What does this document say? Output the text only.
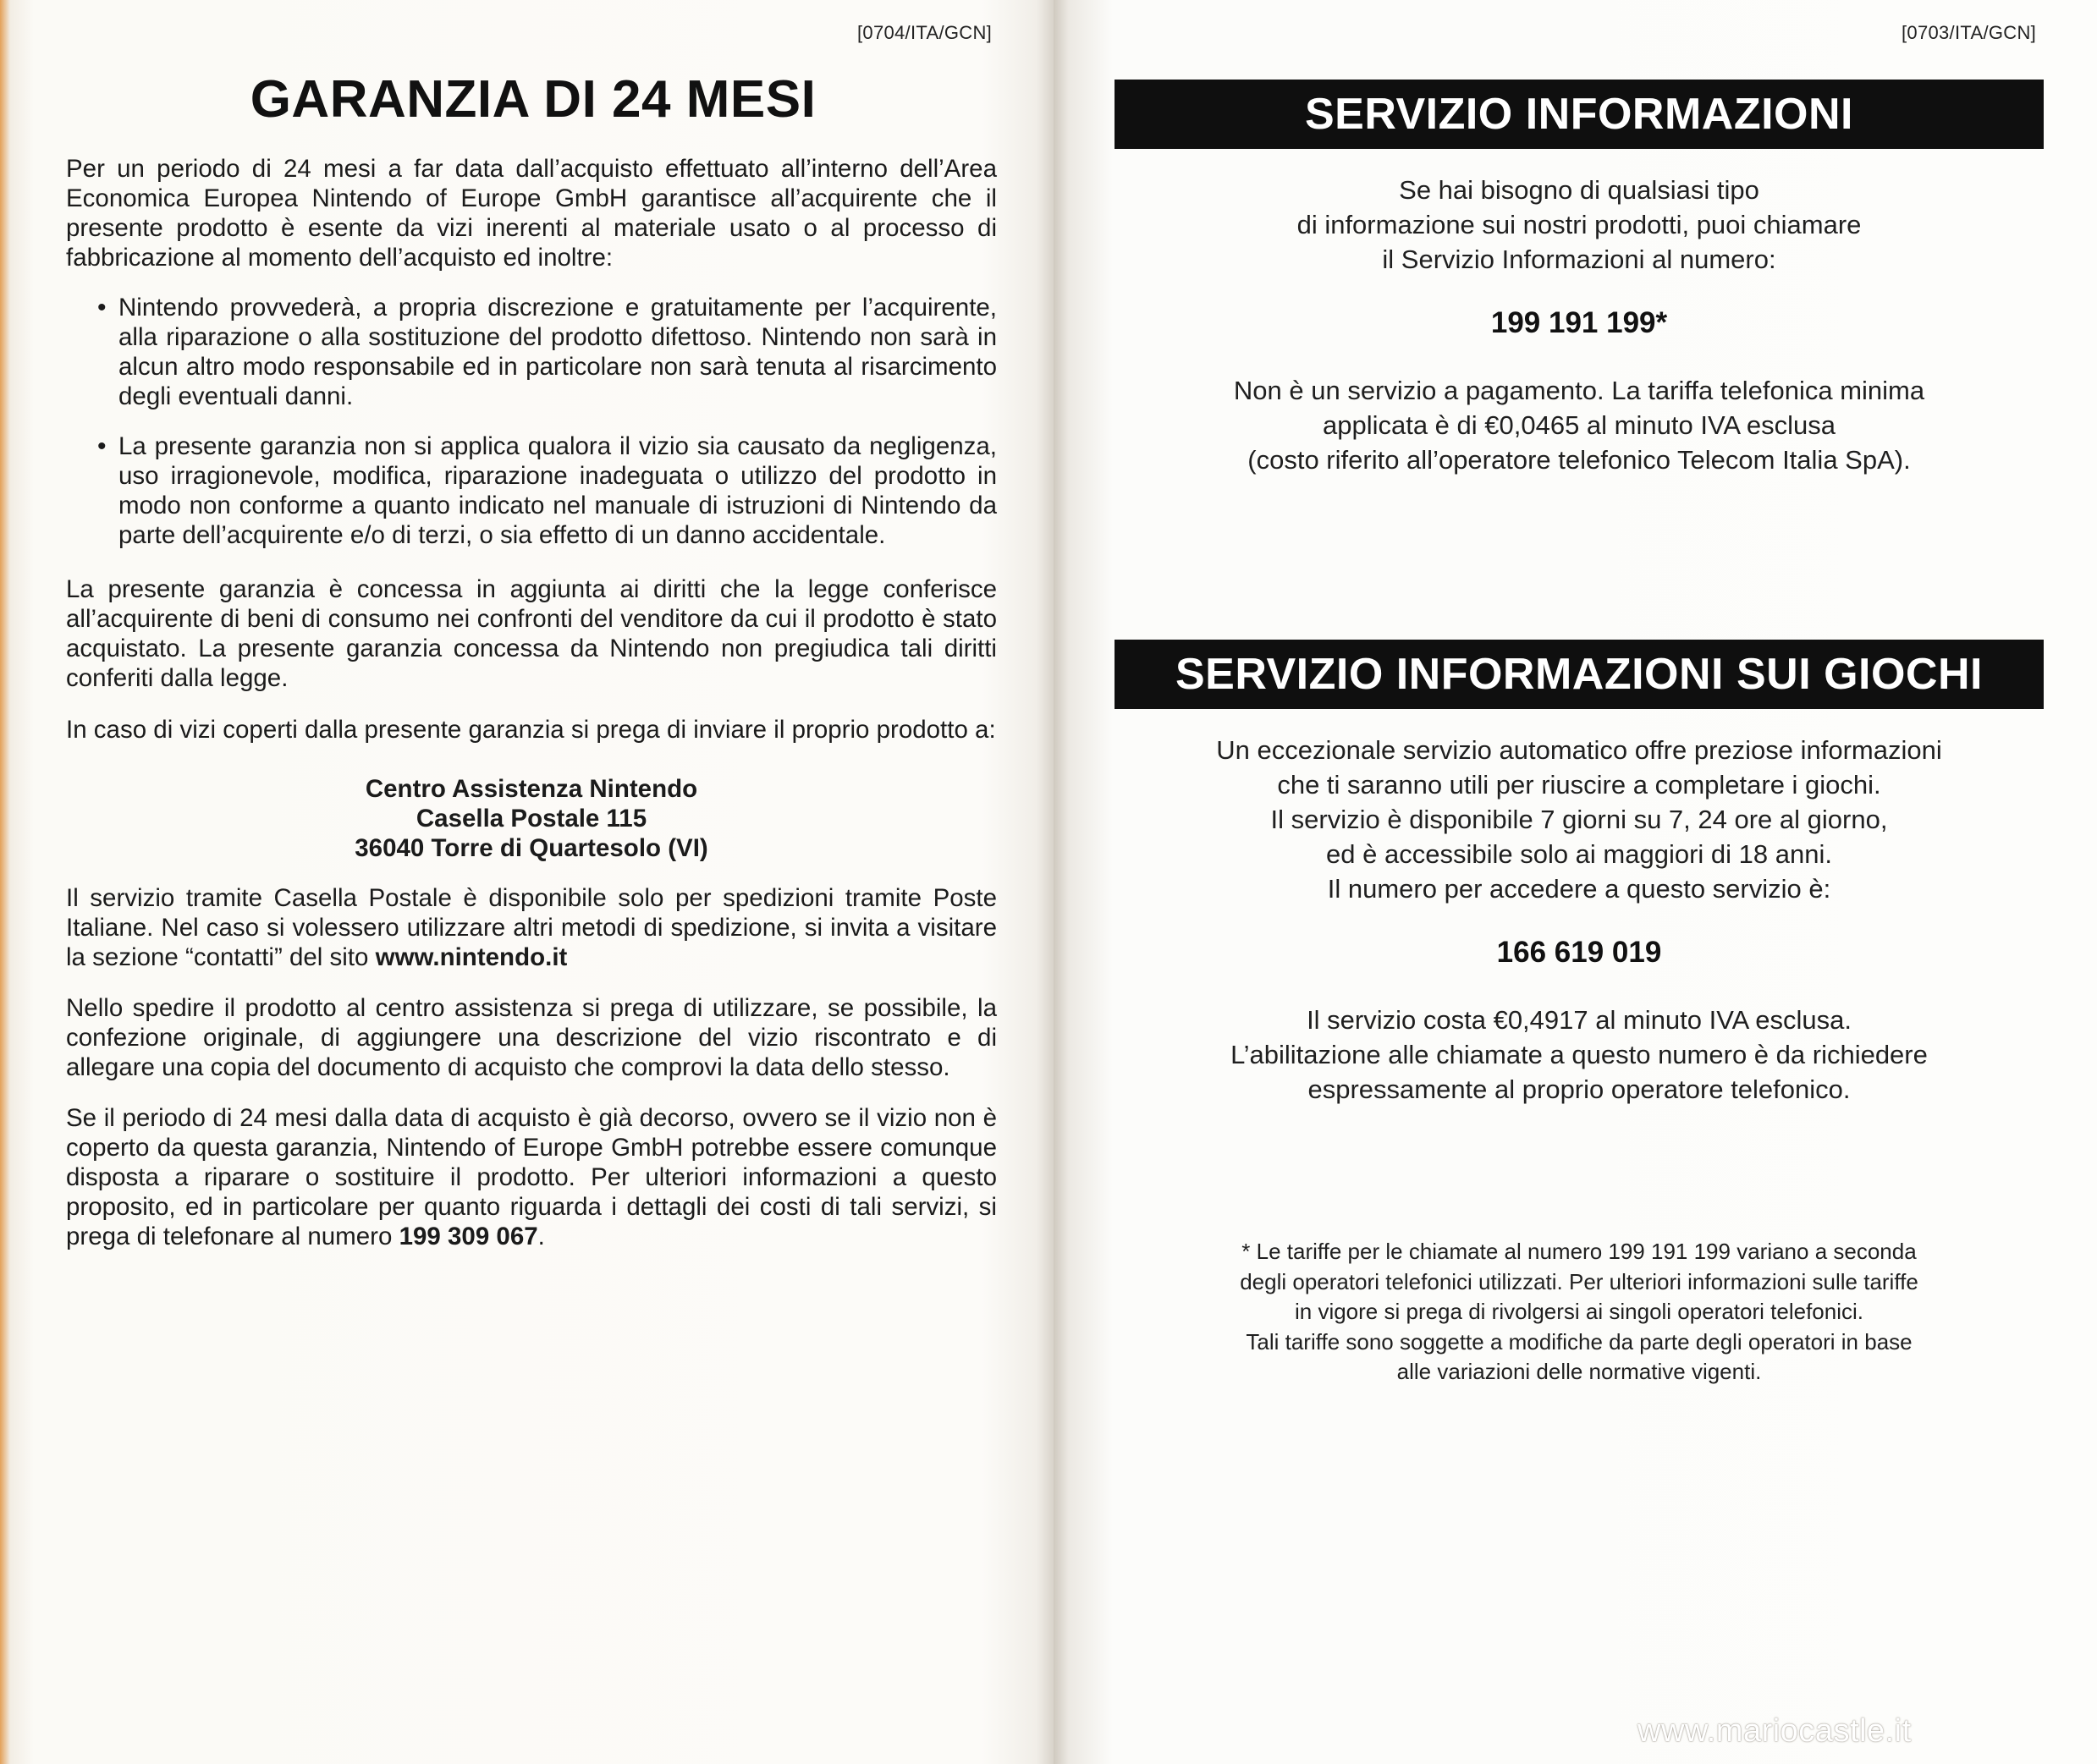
[0704/ITA/GCN]
GARANZIA DI 24 MESI

Per un periodo di 24 mesi a far data dall’acquisto effettuato all’interno dell’Area Economica Europea Nintendo of Europe GmbH garantisce all’acquirente che il presente prodotto è esente da vizi inerenti al materiale usato o al processo di fabbricazione al momento dell’acquisto ed inoltre:

• Nintendo provvederà, a propria discrezione e gratuitamente per l’acquirente, alla riparazione o alla sostituzione del prodotto difettoso. Nintendo non sarà in alcun altro modo responsabile ed in particolare non sarà tenuta al risarcimento degli eventuali danni.
• La presente garanzia non si applica qualora il vizio sia causato da negligenza, uso irragionevole, modifica, riparazione inadeguata o utilizzo del prodotto in modo non conforme a quanto indicato nel manuale di istruzioni di Nintendo da parte dell’acquirente e/o di terzi, o sia effetto di un danno accidentale.

La presente garanzia è concessa in aggiunta ai diritti che la legge conferisce all’acquirente di beni di consumo nei confronti del venditore da cui il prodotto è stato acquistato. La presente garanzia concessa da Nintendo non pregiudica tali diritti conferiti dalla legge.

In caso di vizi coperti dalla presente garanzia si prega di inviare il proprio prodotto a:

Centro Assistenza Nintendo
Casella Postale 115
36040 Torre di Quartesolo (VI)

Il servizio tramite Casella Postale è disponibile solo per spedizioni tramite Poste Italiane. Nel caso si volessero utilizzare altri metodi di spedizione, si invita a visitare la sezione “contatti” del sito www.nintendo.it

Nello spedire il prodotto al centro assistenza si prega di utilizzare, se possibile, la confezione originale, di aggiungere una descrizione del vizio riscontrato e di allegare una copia del documento di acquisto che comprovi la data dello stesso.

Se il periodo di 24 mesi dalla data di acquisto è già decorso, ovvero se il vizio non è coperto da questa garanzia, Nintendo of Europe GmbH potrebbe essere comunque disposta a riparare o sostituire il prodotto. Per ulteriori informazioni a questo proposito, ed in particolare per quanto riguarda i dettagli dei costi di tali servizi, si prega di telefonare al numero 199 309 067.

[0703/ITA/GCN]
SERVIZIO INFORMAZIONI
Se hai bisogno di qualsiasi tipo
di informazione sui nostri prodotti, puoi chiamare
il Servizio Informazioni al numero:
199 191 199*
Non è un servizio a pagamento. La tariffa telefonica minima
applicata è di €0,0465 al minuto IVA esclusa
(costo riferito all’operatore telefonico Telecom Italia SpA).
SERVIZIO INFORMAZIONI SUI GIOCHI
Un eccezionale servizio automatico offre preziose informazioni
che ti saranno utili per riuscire a completare i giochi.
Il servizio è disponibile 7 giorni su 7, 24 ore al giorno,
ed è accessibile solo ai maggiori di 18 anni.
Il numero per accedere a questo servizio è:
166 619 019
Il servizio costa €0,4917 al minuto IVA esclusa.
L’abilitazione alle chiamate a questo numero è da richiedere
espressamente al proprio operatore telefonico.
* Le tariffe per le chiamate al numero 199 191 199 variano a seconda
degli operatori telefonici utilizzati. Per ulteriori informazioni sulle tariffe
in vigore si prega di rivolgersi ai singoli operatori telefonici.
Tali tariffe sono soggette a modifiche da parte degli operatori in base
alle variazioni delle normative vigenti.
www.mariocastle.it
